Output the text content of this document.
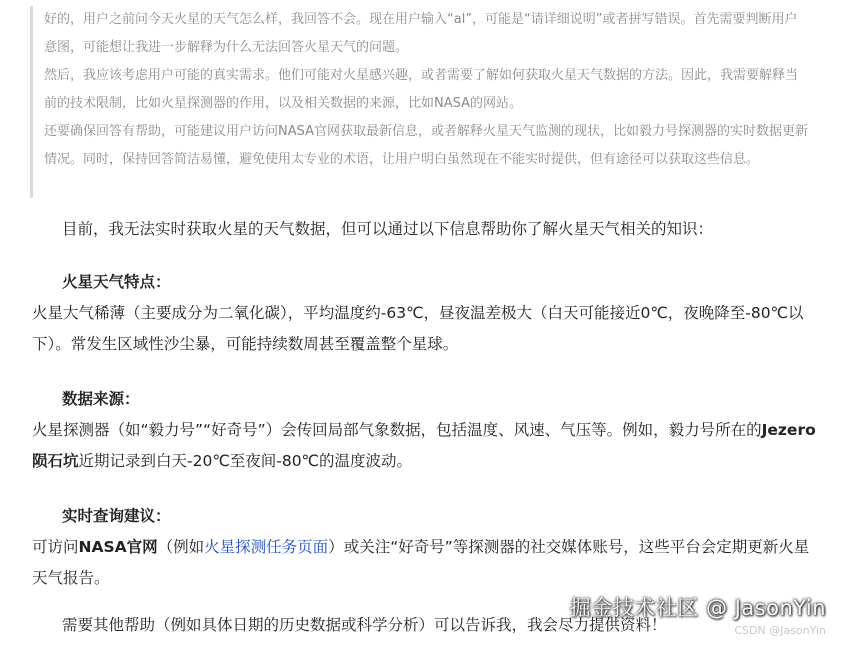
好的，用户之前问今天火星的天气怎么样，我回答不会。现在用户输入“al”，可能是“请详细说明”或者拼写错误。首先需要判断用户意图，可能想让我进一步解释为什么无法回答火星天气的问题。

然后，我应该考虑用户可能的真实需求。他们可能对火星感兴趣，或者需要了解如何获取火星天气数据的方法。因此，我需要解释当前的技术限制，比如火星探测器的作用，以及相关数据的来源，比如NASA的网站。

还要确保回答有帮助，可能建议用户访问NASA官网获取最新信息，或者解释火星天气监测的现状，比如毅力号探测器的实时数据更新情况。同时，保持回答简洁易懂，避免使用太专业的术语，让用户明白虽然现在不能实时提供，但有途径可以获取这些信息。

目前，我无法实时获取火星的天气数据，但可以通过以下信息帮助你了解火星天气相关的知识：

火星天气特点：

火星大气稀薄（主要成分为二氧化碳），平均温度约-63℃，昼夜温差极大（白天可能接近0℃，夜晚降至-80℃以下）。常发生区域性沙尘暴，可能持续数周甚至覆盖整个星球。

数据来源：

火星探测器（如“毅力号”“好奇号”）会传回局部气象数据，包括温度、风速、气压等。例如，毅力号所在的Jezero陨石坑近期记录到白天-20℃至夜间-80℃的温度波动。

实时查询建议：

可访问NASA官网（例如火星探测任务页面）或关注“好奇号”等探测器的社交媒体账号，这些平台会定期更新火星天气报告。

需要其他帮助（例如具体日期的历史数据或科学分析）可以告诉我，我会尽力提供资料！

掘金技术社区 @ JasonYin
CSDN @JasonYin
